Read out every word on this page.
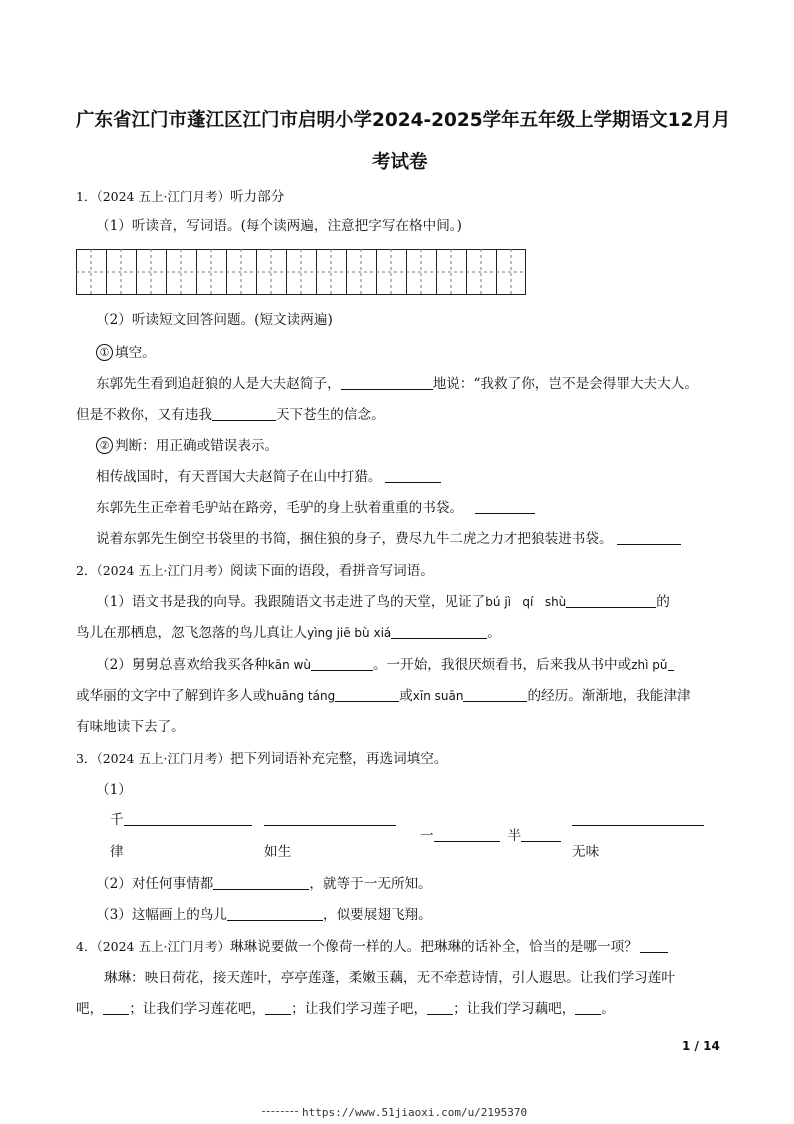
广东省江门市蓬江区江门市启明小学2024-2025学年五年级上学期语文12月月
考试卷
1．（2024 五上·江门月考）听力部分
（1）听读音，写词语。(每个读两遍，注意把字写在格中间。)
（2）听读短文回答问题。(短文读两遍)
① 填空。
东郭先生看到追赶狼的人是大夫赵简子，	地说：“我救了你，岂不是会得罪大夫大人。
但是不救你，又有违我	天下苍生的信念。
② 判断：用正确或错误表示。
相传战国时，有天晋国大夫赵简子在山中打猎。
东郭先生正牵着毛驴站在路旁，毛驴的身上驮着重重的书袋。
说着东郭先生倒空书袋里的书简，捆住狼的身子，费尽九牛二虎之力才把狼装进书袋。
2．（2024 五上·江门月考）阅读下面的语段，看拼音写词语。
（1）语文书是我的向导。我跟随语文书走进了鸟的天堂，见证了bú jì   qí   shù	的
鸟儿在那栖息，忽飞忽落的鸟儿真让人yìng jiē bù xiá	。
（2）舅舅总喜欢给我买各种kān wù	。一开始，我很厌烦看书，后来我从书中或zhì pǔ
或华丽的文字中了解到许多人或huāng táng	或xīn suān	的经历。渐渐地，我能津津
有味地读下去了。
3．（2024 五上·江门月考）把下列词语补充完整，再选词填空。
（1）
千
律	如生
一	半
无味
（2）对任何事情都	，就等于一无所知。
（3）这幅画上的鸟儿	，似要展翅飞翔。
4．（2024 五上·江门月考）琳琳说要做一个像荷一样的人。把琳琳的话补全，恰当的是哪一项？
琳琳：映日荷花，接天莲叶，亭亭莲蓬，柔嫩玉藕，无不牵惹诗情，引人遐思。让我们学习莲叶
吧， ；让我们学习莲花吧， ；让我们学习莲子吧， ；让我们学习藕吧， 。
1 / 14
https://www.51jiaoxi.com/u/2195370
